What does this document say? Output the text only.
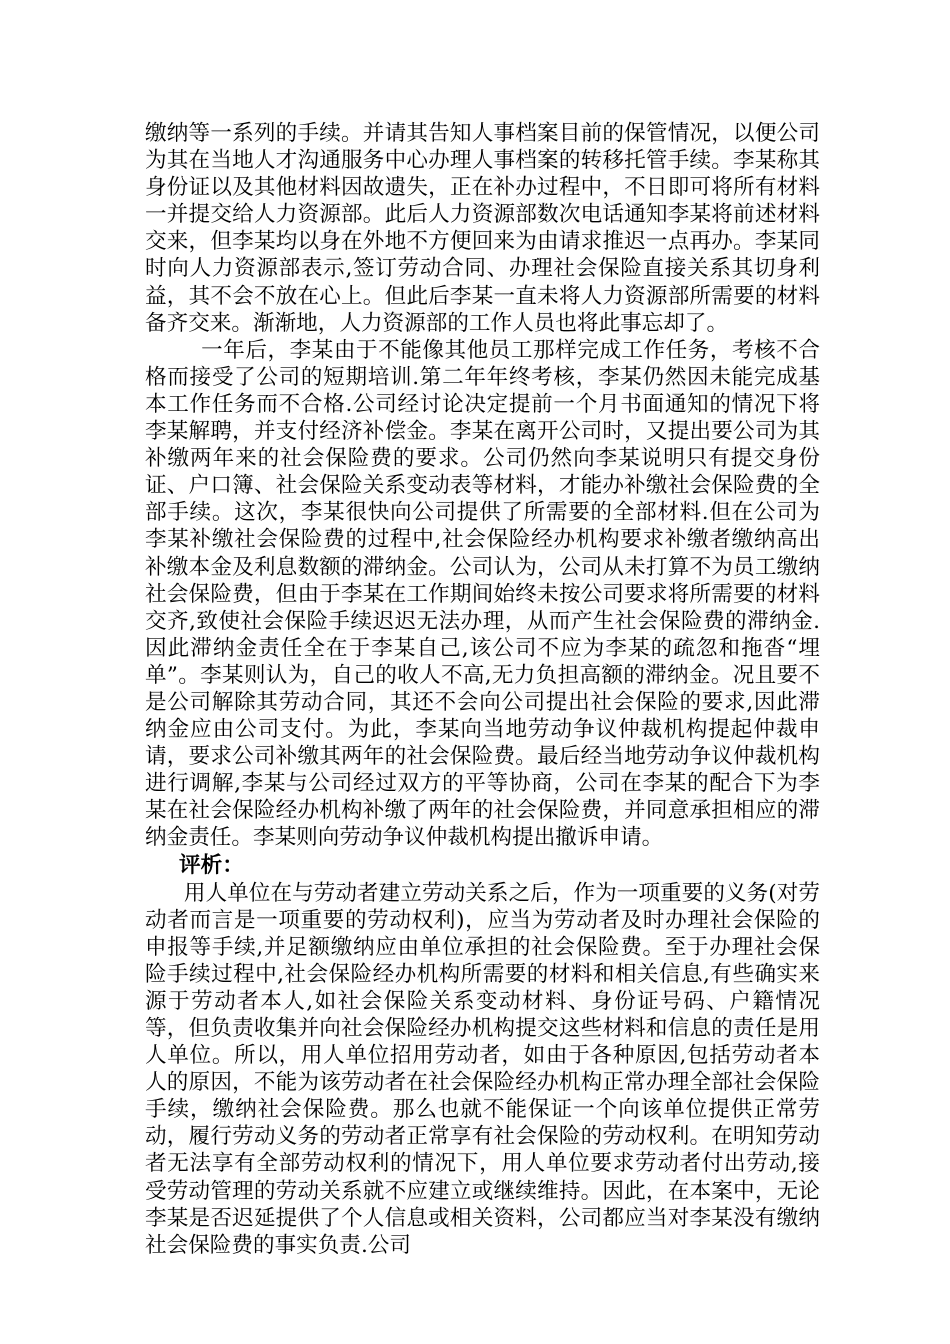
缴纳等一系列的手续。并请其告知人事档案目前的保管情况，以便公司为其在当地人才沟通服务中心办理人事档案的转移托管手续。李某称其身份证以及其他材料因故遗失，正在补办过程中，不日即可将所有材料一并提交给人力资源部。此后人力资源部数次电话通知李某将前述材料交来，但李某均以身在外地不方便回来为由请求推迟一点再办。李某同时向人力资源部表示,签订劳动合同、办理社会保险直接关系其切身利益，其不会不放在心上。但此后李某一直未将人力资源部所需要的材料备齐交来。渐渐地，人力资源部的工作人员也将此事忘却了。

一年后，李某由于不能像其他员工那样完成工作任务，考核不合格而接受了公司的短期培训.第二年年终考核，李某仍然因未能完成基本工作任务而不合格.公司经讨论决定提前一个月书面通知的情况下将李某解聘，并支付经济补偿金。李某在离开公司时，又提出要公司为其补缴两年来的社会保险费的要求。公司仍然向李某说明只有提交身份证、户口簿、社会保险关系变动表等材料，才能办补缴社会保险费的全部手续。这次，李某很快向公司提供了所需要的全部材料.但在公司为李某补缴社会保险费的过程中,社会保险经办机构要求补缴者缴纳高出补缴本金及利息数额的滞纳金。公司认为，公司从未打算不为员工缴纳社会保险费，但由于李某在工作期间始终未按公司要求将所需要的材料交齐,致使社会保险手续迟迟无法办理，从而产生社会保险费的滞纳金.因此滞纳金责任全在于李某自己,该公司不应为李某的疏忽和拖沓“埋单”。李某则认为，自己的收人不高,无力负担高额的滞纳金。况且要不是公司解除其劳动合同，其还不会向公司提出社会保险的要求,因此滞纳金应由公司支付。为此，李某向当地劳动争议仲裁机构提起仲裁申请，要求公司补缴其两年的社会保险费。最后经当地劳动争议仲裁机构进行调解,李某与公司经过双方的平等协商，公司在李某的配合下为李某在社会保险经办机构补缴了两年的社会保险费，并同意承担相应的滞纳金责任。李某则向劳动争议仲裁机构提出撤诉申请。

评析：

用人单位在与劳动者建立劳动关系之后，作为一项重要的义务(对劳动者而言是一项重要的劳动权利)，应当为劳动者及时办理社会保险的申报等手续,并足额缴纳应由单位承担的社会保险费。至于办理社会保险手续过程中,社会保险经办机构所需要的材料和相关信息,有些确实来源于劳动者本人,如社会保险关系变动材料、身份证号码、户籍情况等，但负责收集并向社会保险经办机构提交这些材料和信息的责任是用人单位。所以，用人单位招用劳动者，如由于各种原因,包括劳动者本人的原因，不能为该劳动者在社会保险经办机构正常办理全部社会保险手续，缴纳社会保险费。那么也就不能保证一个向该单位提供正常劳动，履行劳动义务的劳动者正常享有社会保险的劳动权利。在明知劳动者无法享有全部劳动权利的情况下，用人单位要求劳动者付出劳动,接受劳动管理的劳动关系就不应建立或继续维持。因此，在本案中，无论李某是否迟延提供了个人信息或相关资料，公司都应当对李某没有缴纳社会保险费的事实负责.公司
